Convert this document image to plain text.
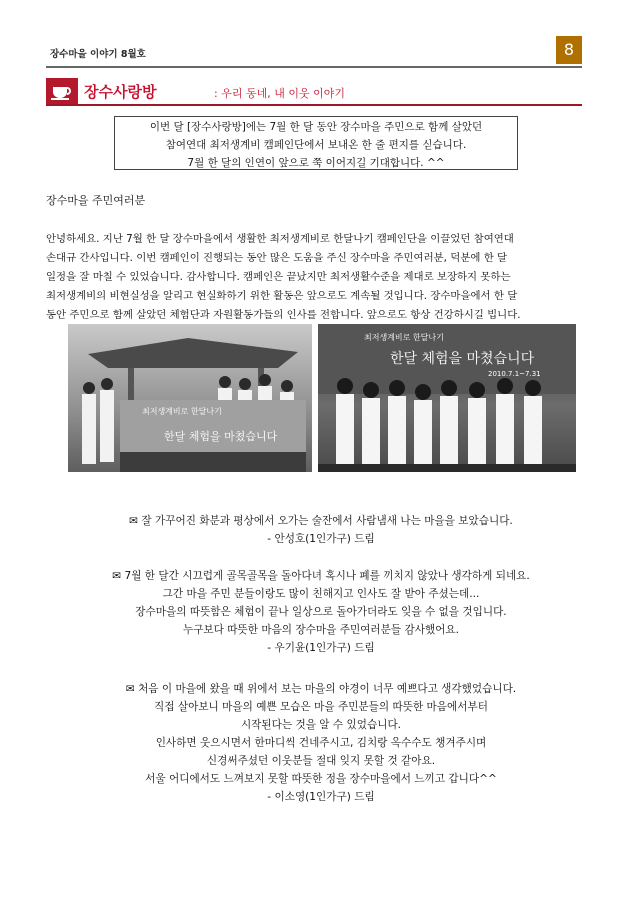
장수마을 이야기 8월호	8
장수사랑방	: 우리 동네, 내 이웃 이야기
이번 달 [장수사랑방]에는 7월 한 달 동안 장수마을 주민으로 함께 살았던
참여연대 최저생계비 캠페인단에서 보내온 한 줄 편지를 싣습니다.
7월 한 달의 인연이 앞으로 쭉 이어지길 기대합니다. ^^
장수마을 주민여러분
안녕하세요. 지난 7월 한 달 장수마을에서 생활한 최저생계비로 한달나기 캠페인단을 이끌었던 참여연대
손대규 간사입니다. 이번 캠페인이 진행되는 동안 많은 도움을 주신 장수마을 주민여러분, 덕분에 한 달
일정을 잘 마칠 수 있었습니다. 감사합니다. 캠페인은 끝났지만 최저생활수준을 제대로 보장하지 못하는
최저생계비의 비현실성을 알리고 현실화하기 위한 활동은 앞으로도 계속될 것입니다. 장수마을에서 한 달
동안 주민으로 함께 살았던 체험단과 자원활동가들의 인사를 전합니다. 앞으로도 항상 건강하시길 빕니다.
최저생계비로 한달나기
한달 체험을 마쳤습니다
최저생계비로 한달나기
한달 체험을 마쳤습니다
2010.7.1~7.31
✉ 잘 가꾸어진 화분과 평상에서 오가는 술잔에서 사람냄새 나는 마을을 보았습니다.
- 안성호(1인가구) 드림
✉ 7월 한 달간 시끄럽게 골목골목을 돌아다녀 혹시나 폐를 끼치지 않았나 생각하게 되네요.
그간 마을 주민 분들이랑도 많이 친해지고 인사도 잘 받아 주셨는데...
장수마을의 따뜻함은 체험이 끝나 일상으로 돌아가더라도 잊을 수 없을 것입니다.
누구보다 따뜻한 마음의 장수마을 주민여러분들 감사했어요.
- 우기윤(1인가구) 드림
✉ 처음 이 마을에 왔을 때 위에서 보는 마을의 야경이 너무 예쁘다고 생각했었습니다.
직접 살아보니 마을의 예쁜 모습은 마을 주민분들의 따뜻한 마음에서부터
시작된다는 것을 알 수 있었습니다.
인사하면 웃으시면서 한마디씩 건네주시고, 김치랑 옥수수도 챙겨주시며
신경써주셨던 이웃분들 절대 잊지 못할 것 같아요.
서울 어디에서도 느껴보지 못할 따뜻한 정을 장수마을에서 느끼고 갑니다^^
- 이소영(1인가구) 드림
